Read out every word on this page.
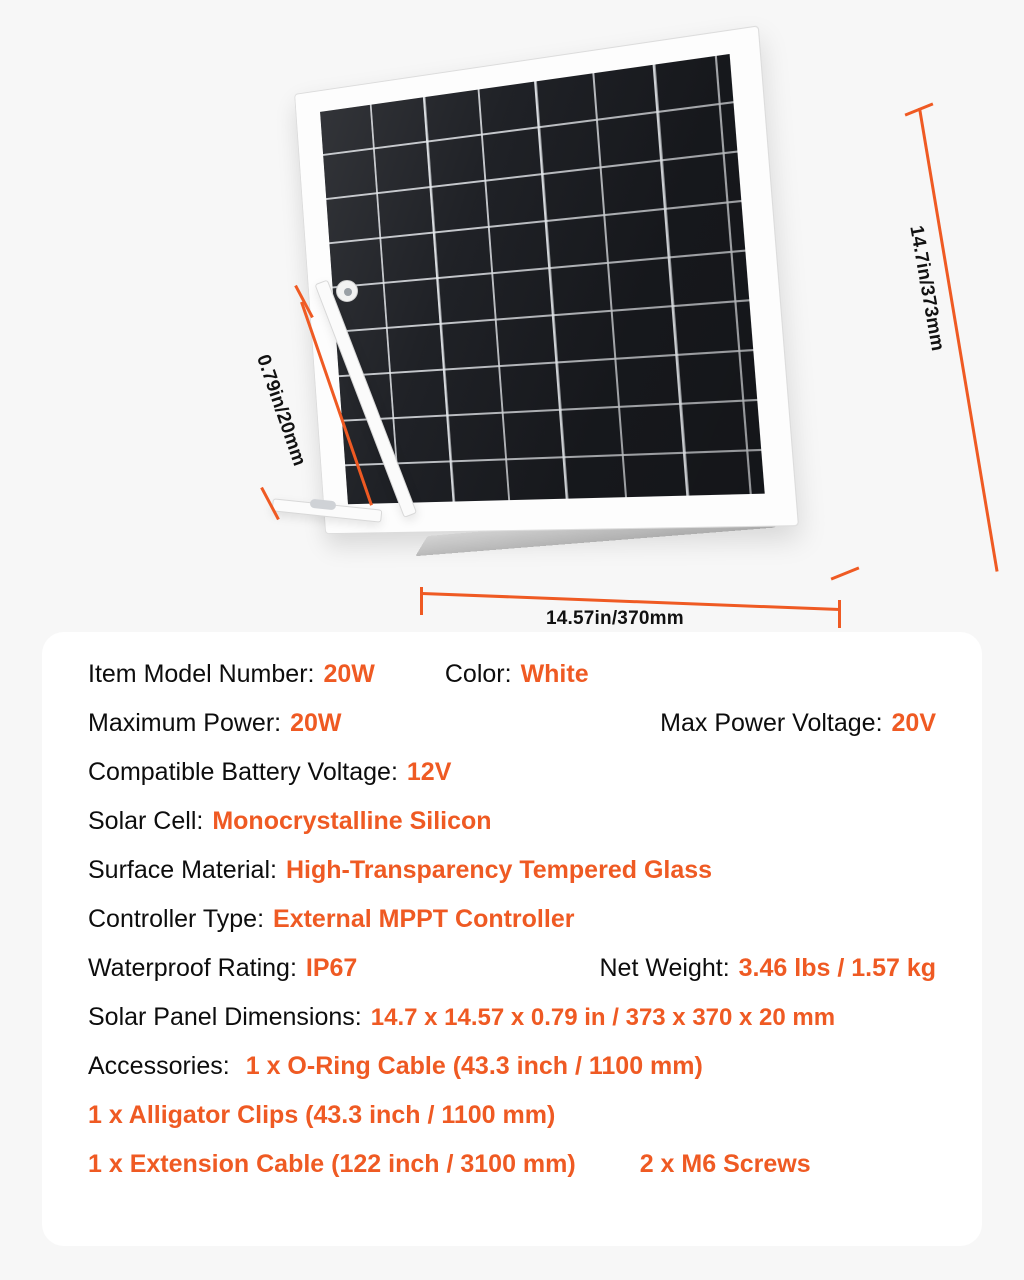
14.7in/373mm
14.57in/370mm
0.79in/20mm
Item Model Number: 20W	Color: White
Maximum Power: 20W	Max Power Voltage: 20V
Compatible Battery Voltage: 12V
Solar Cell: Monocrystalline Silicon
Surface Material: High-Transparency Tempered Glass
Controller Type: External MPPT Controller
Waterproof Rating: IP67	Net Weight: 3.46 lbs / 1.57 kg
Solar Panel Dimensions: 14.7 x 14.57 x 0.79 in / 373 x 370 x 20 mm
Accessories: 1 x O-Ring Cable (43.3 inch / 1100 mm)
1 x Alligator Clips (43.3 inch / 1100 mm)
1 x Extension Cable (122 inch / 3100 mm)	2 x M6 Screws
